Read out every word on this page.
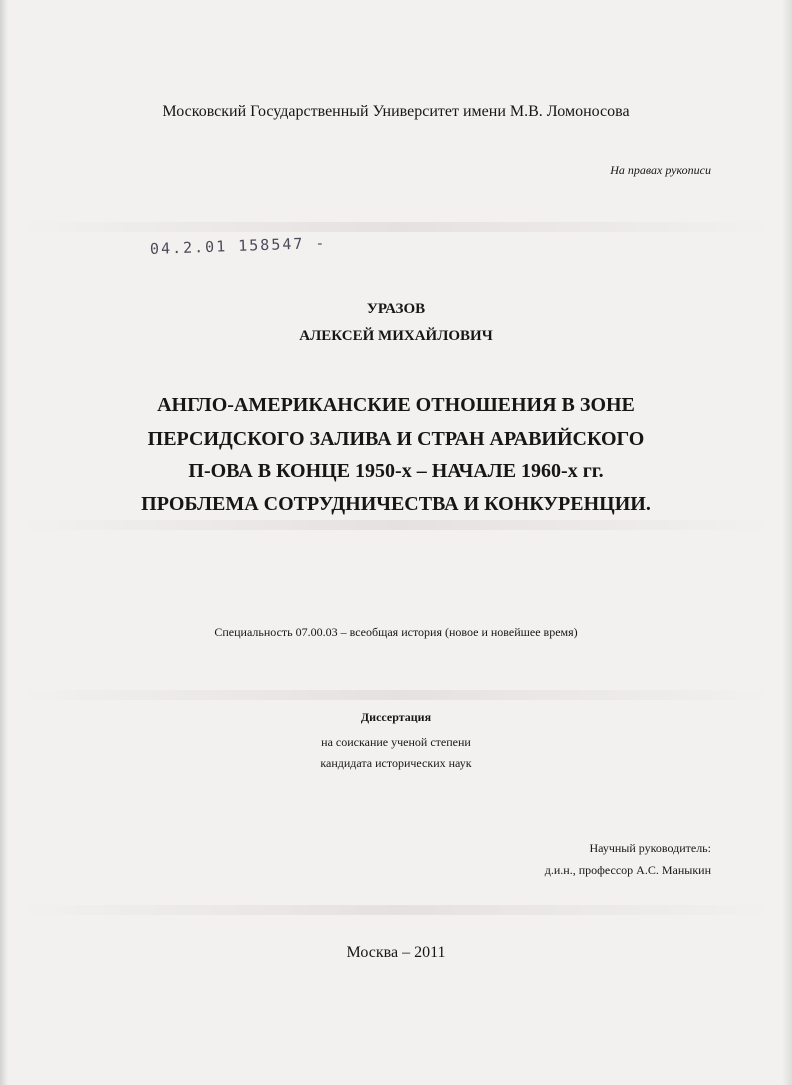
Московский Государственный Университет имени М.В. Ломоносова
На правах рукописи
04.2.01 158547 -
УРАЗОВ
АЛЕКСЕЙ МИХАЙЛОВИЧ
АНГЛО-АМЕРИКАНСКИЕ ОТНОШЕНИЯ В ЗОНЕ
ПЕРСИДСКОГО ЗАЛИВА И СТРАН АРАВИЙСКОГО
П-ОВА В КОНЦЕ 1950-х – НАЧАЛЕ 1960-х гг.
ПРОБЛЕМА СОТРУДНИЧЕСТВА И КОНКУРЕНЦИИ.
Специальность 07.00.03 – всеобщая история (новое и новейшее время)
Диссертация
на соискание ученой степени
кандидата исторических наук
Научный руководитель:
д.и.н., профессор А.С. Маныкин
Москва – 2011
